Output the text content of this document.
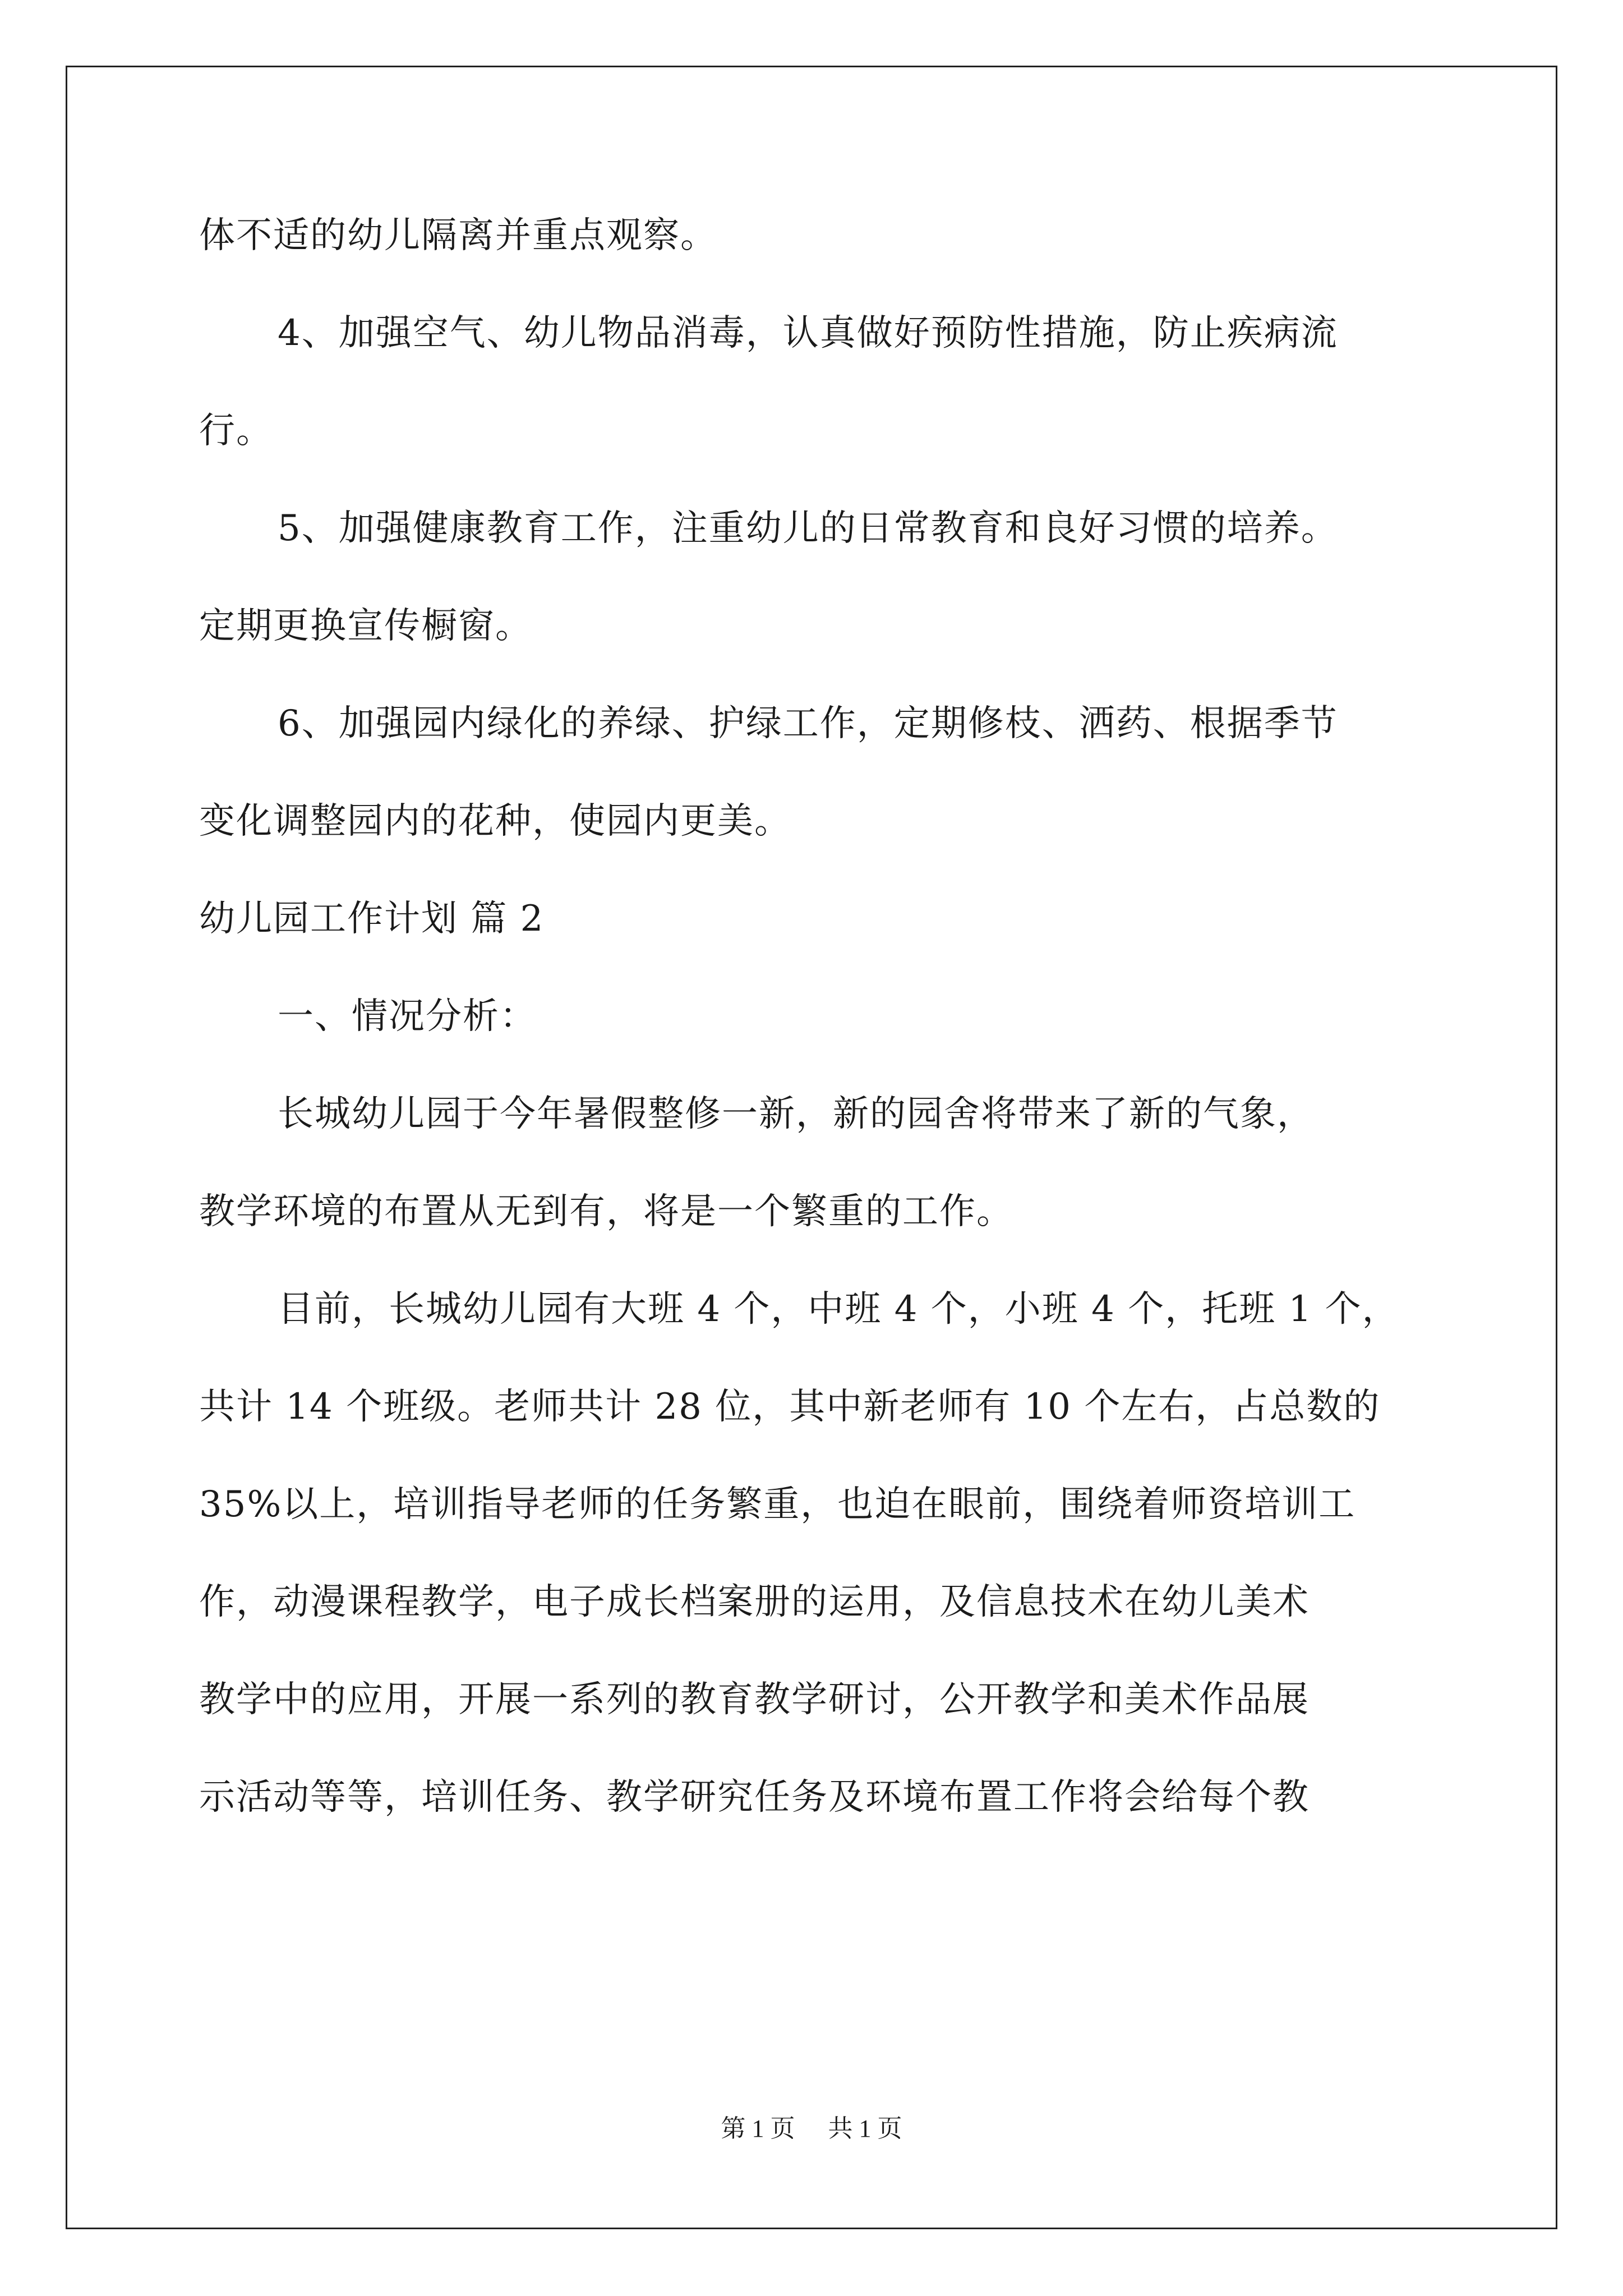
体不适的幼儿隔离并重点观察。

4、加强空气、幼儿物品消毒，认真做好预防性措施，防止疾病流

行。

5、加强健康教育工作，注重幼儿的日常教育和良好习惯的培养。

定期更换宣传橱窗。

6、加强园内绿化的养绿、护绿工作，定期修枝、洒药、根据季节

变化调整园内的花种，使园内更美。

幼儿园工作计划 篇 2

一、情况分析：

长城幼儿园于今年暑假整修一新，新的园舍将带来了新的气象，

教学环境的布置从无到有，将是一个繁重的工作。

目前，长城幼儿园有大班 4 个，中班 4 个，小班 4 个，托班 1 个，

共计 14 个班级。老师共计 28 位，其中新老师有 10 个左右，占总数的

35%以上，培训指导老师的任务繁重，也迫在眼前，围绕着师资培训工

作，动漫课程教学，电子成长档案册的运用，及信息技术在幼儿美术

教学中的应用，开展一系列的教育教学研讨，公开教学和美术作品展

示活动等等，培训任务、教学研究任务及环境布置工作将会给每个教

第 1 页 共 1 页
